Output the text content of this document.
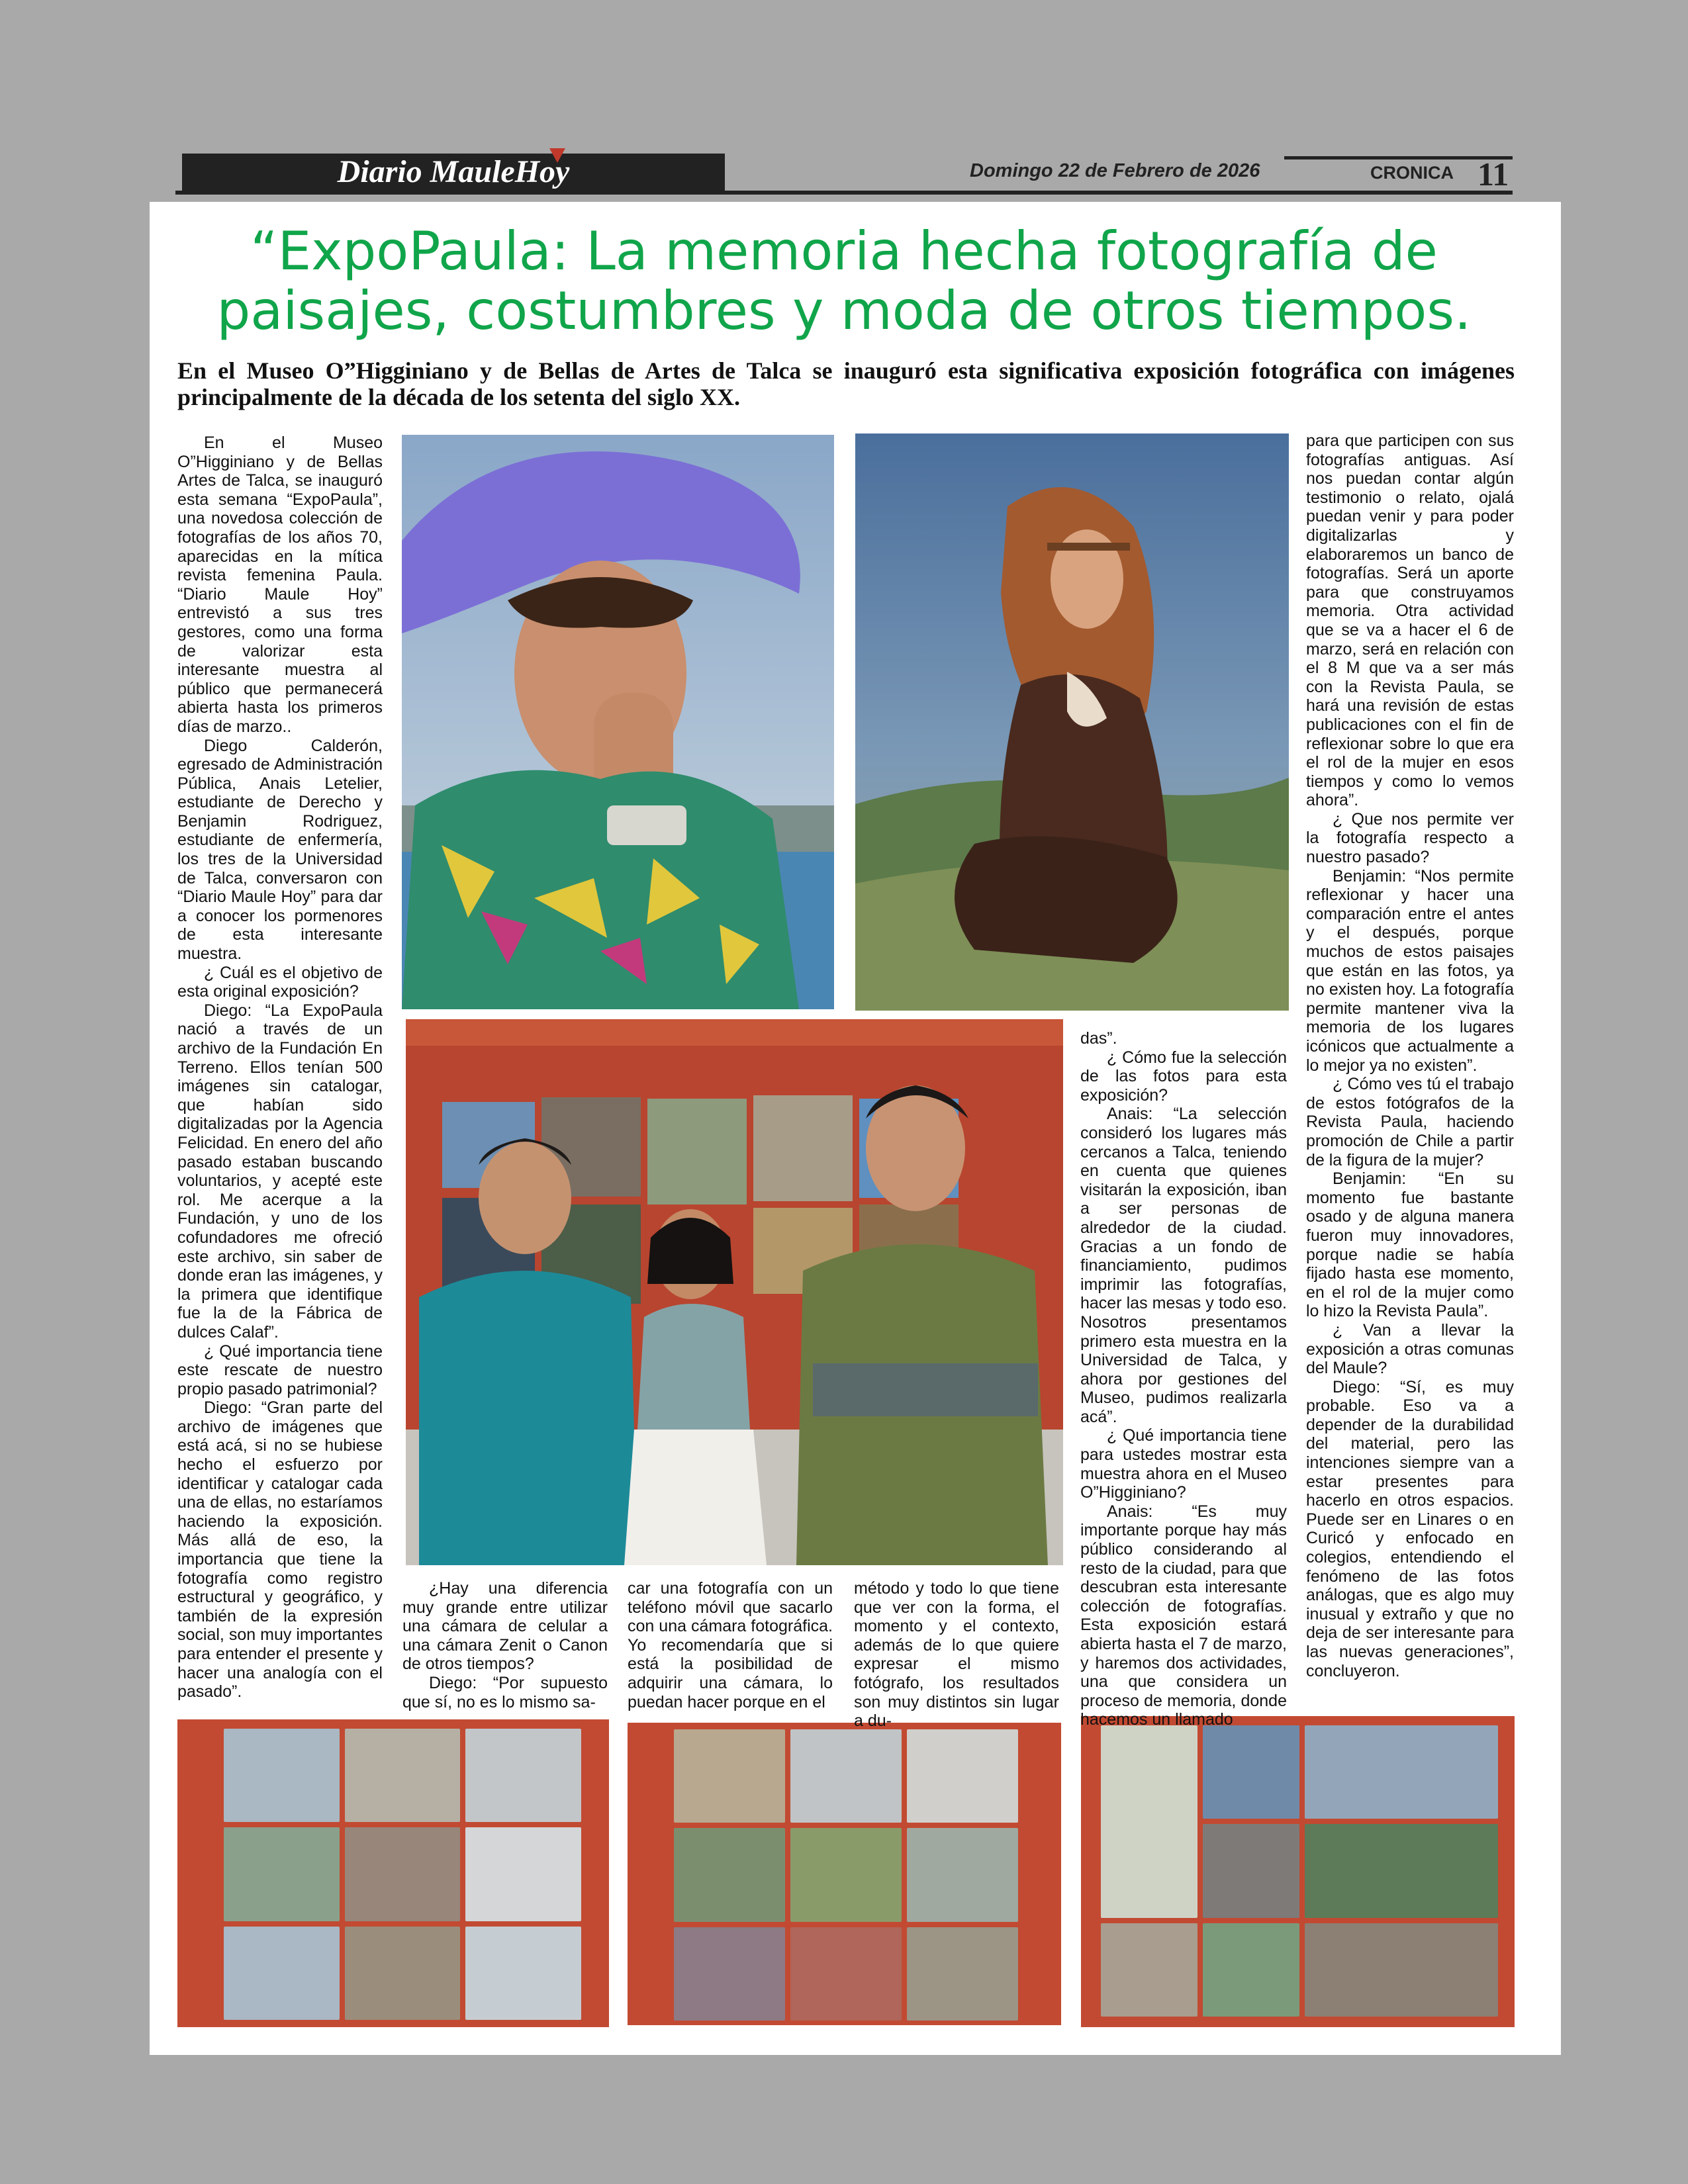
Diario MauleHoy	Domingo 22 de Febrero de 2026	CRONICA 11
“ExpoPaula: La memoria hecha fotografía de paisajes, costumbres y moda de otros tiempos.
En el Museo O”Higginiano y de Bellas de Artes de Talca se inauguró esta significativa exposición fotográfica con imágenes principalmente de la década de los setenta del siglo XX.

En el Museo O”Higginiano y de Bellas Artes de Talca, se inauguró esta semana “ExpoPaula”, una novedosa colección de fotografías de los años 70, aparecidas en la mítica revista femenina Paula. “Diario Maule Hoy” entrevistó a sus tres gestores, como una forma de valorizar esta interesante muestra al público que permanecerá abierta hasta los primeros días de marzo..

Diego Calderón, egresado de Administración Pública, Anais Letelier, estudiante de Derecho y Benjamin Rodriguez, estudiante de enfermería, los tres de la Universidad de Talca, conversaron con “Diario Maule Hoy” para dar a conocer los pormenores de esta interesante muestra.

¿ Cuál es el objetivo de esta original exposición?

Diego: “La ExpoPaula nació a través de un archivo de la Fundación En Terreno. Ellos tenían 500 imágenes sin catalogar, que habían sido digitalizadas por la Agencia Felicidad. En enero del año pasado estaban buscando voluntarios, y acepté este rol. Me acerque a la Fundación, y uno de los cofundadores me ofreció este archivo, sin saber de donde eran las imágenes, y la primera que identifique fue la de la Fábrica de dulces Calaf”.

¿ Qué importancia tiene este rescate de nuestro propio pasado patrimonial?

Diego: “Gran parte del archivo de imágenes que está acá, si no se hubiese hecho el esfuerzo por identificar y catalogar cada una de ellas, no estaríamos haciendo la exposición. Más allá de eso, la importancia que tiene la fotografía como registro estructural y geográfico, y también de la expresión social, son muy importantes para entender el presente y hacer una analogía con el pasado”.

¿Hay una diferencia muy grande entre utilizar una cámara de celular a una cámara Zenit o Canon de otros tiempos?

Diego: “Por supuesto que sí, no es lo mismo sa-

car una fotografía con un teléfono móvil que sacarlo con una cámara fotográfica. Yo recomendaría que si está la posibilidad de adquirir una cámara, lo puedan hacer porque en el

método y todo lo que tiene que ver con la forma, el momento y el contexto, además de lo que quiere expresar el mismo fotógrafo, los resultados son muy distintos sin lugar a du-

das”.

¿ Cómo fue la selección de las fotos para esta exposición?

Anais: “La selección consideró los lugares más cercanos a Talca, teniendo en cuenta que quienes visitarán la exposición, iban a ser personas de alrededor de la ciudad. Gracias a un fondo de financiamiento, pudimos imprimir las fotografías, hacer las mesas y todo eso. Nosotros presentamos primero esta muestra en la Universidad de Talca, y ahora por gestiones del Museo, pudimos realizarla acá”.

¿ Qué importancia tiene para ustedes mostrar esta muestra ahora en el Museo O”Higginiano?

Anais: “Es muy importante porque hay más público considerando al resto de la ciudad, para que descubran esta interesante colección de fotografías. Esta exposición estará abierta hasta el 7 de marzo, y haremos dos actividades, una que considera un proceso de memoria, donde hacemos un llamado

para que participen con sus fotografías antiguas. Así nos puedan contar algún testimonio o relato, ojalá puedan venir y para poder digitalizarlas y elaboraremos un banco de fotografías. Será un aporte para que construyamos memoria. Otra actividad que se va a hacer el 6 de marzo, será en relación con el 8 M que va a ser más con la Revista Paula, se hará una revisión de estas publicaciones con el fin de reflexionar sobre lo que era el rol de la mujer en esos tiempos y como lo vemos ahora”.

¿ Que nos permite ver la fotografía respecto a nuestro pasado?

Benjamin: “Nos permite reflexionar y hacer una comparación entre el antes y el después, porque muchos de estos paisajes que están en las fotos, ya no existen hoy. La fotografía permite mantener viva la memoria de los lugares icónicos que actualmente a lo mejor ya no existen”.

¿ Cómo ves tú el trabajo de estos fotógrafos de la Revista Paula, haciendo promoción de Chile a partir de la figura de la mujer?

Benjamin: “En su momento fue bastante osado y de alguna manera fueron muy innovadores, porque nadie se había fijado hasta ese momento, en el rol de la mujer como lo hizo la Revista Paula”.

¿ Van a llevar la exposición a otras comunas del Maule?

Diego: “Sí, es muy probable. Eso va a depender de la durabilidad del material, pero las intenciones siempre van a estar presentes para hacerlo en otros espacios. Puede ser en Linares o en Curicó y enfocado en colegios, entendiendo el fenómeno de las fotos análogas, que es algo muy inusual y extraño y que no deja de ser interesante para las nuevas generaciones”, concluyeron.
